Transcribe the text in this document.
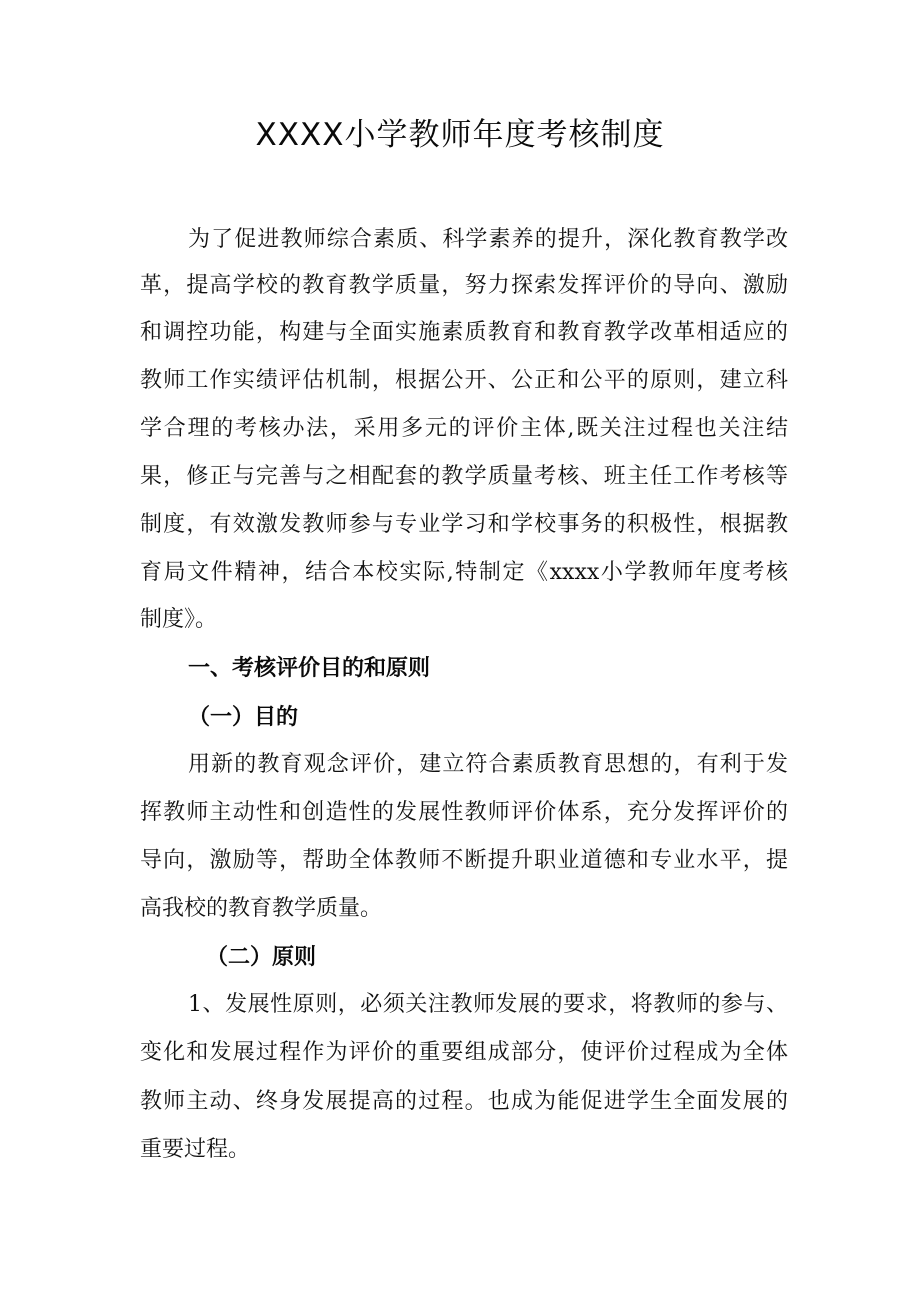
XXXX小学教师年度考核制度
为了促进教师综合素质、科学素养的提升，深化教育教学改
革，提高学校的教育教学质量，努力探索发挥评价的导向、激励
和调控功能，构建与全面实施素质教育和教育教学改革相适应的
教师工作实绩评估机制，根据公开、公正和公平的原则，建立科
学合理的考核办法，采用多元的评价主体,既关注过程也关注结
果，修正与完善与之相配套的教学质量考核、班主任工作考核等
制度，有效激发教师参与专业学习和学校事务的积极性，根据教
育局文件精神，结合本校实际,特制定《xxxx小学教师年度考核
制度》。
一、考核评价目的和原则
（一）目的
用新的教育观念评价，建立符合素质教育思想的，有利于发
挥教师主动性和创造性的发展性教师评价体系，充分发挥评价的
导向，激励等，帮助全体教师不断提升职业道德和专业水平，提
高我校的教育教学质量。
（二）原则
1、发展性原则，必须关注教师发展的要求，将教师的参与、
变化和发展过程作为评价的重要组成部分，使评价过程成为全体
教师主动、终身发展提高的过程。也成为能促进学生全面发展的
重要过程。
